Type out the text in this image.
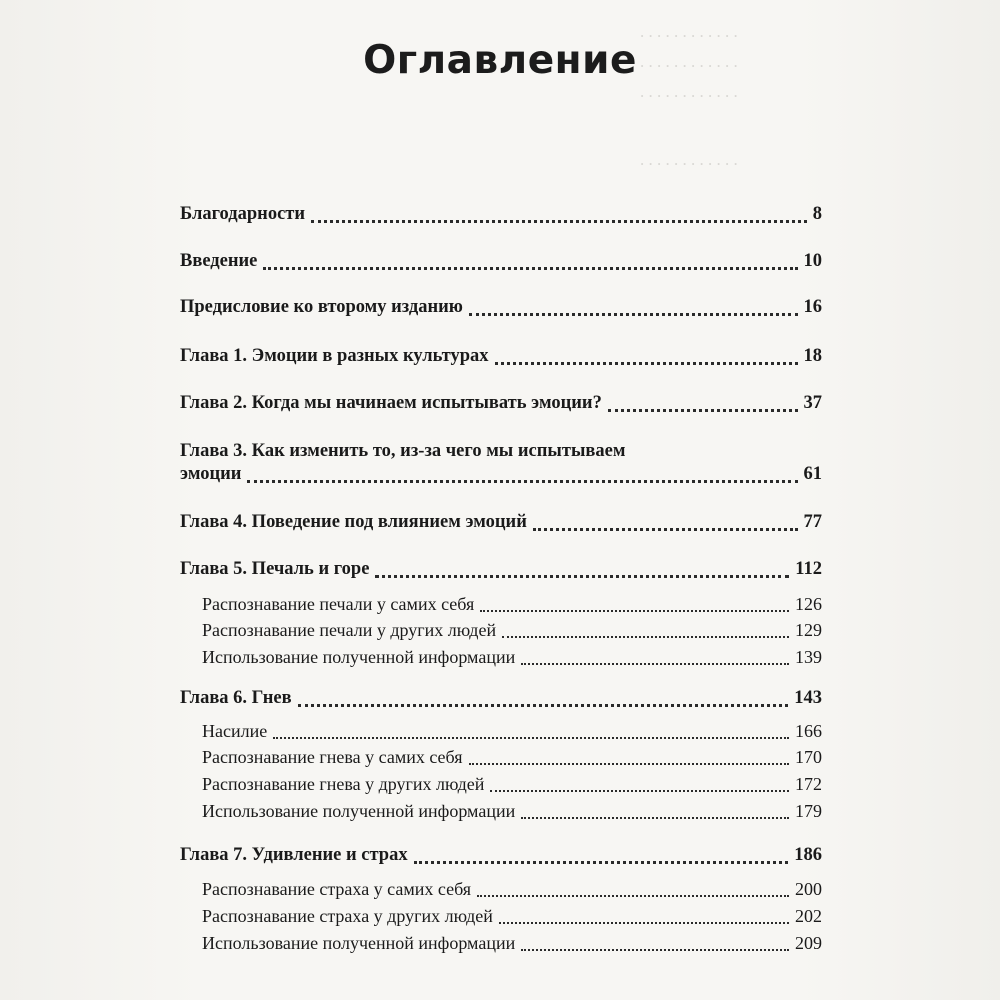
. . . . . . . . . . . .
. . . . . . . . . . . .
. . . . . . . . . . . .
. . . . . . . . . . . .
Оглавление
Благодарности	8
Введение	10
Предисловие ко второму изданию	16
Глава 1. Эмоции в разных культурах	18
Глава 2. Когда мы начинаем испытывать эмоции?	37
Глава 3. Как изменить то, из-за чего мы испытываем
эмоции	61
Глава 4. Поведение под влиянием эмоций	77
Глава 5. Печаль и горе	112
Распознавание печали у самих себя	126
Распознавание печали у других людей	129
Использование полученной информации	139
Глава 6. Гнев	143
Насилие	166
Распознавание гнева у самих себя	170
Распознавание гнева у других людей	172
Использование полученной информации	179
Глава 7. Удивление и страх	186
Распознавание страха у самих себя	200
Распознавание страха у других людей	202
Использование полученной информации	209
